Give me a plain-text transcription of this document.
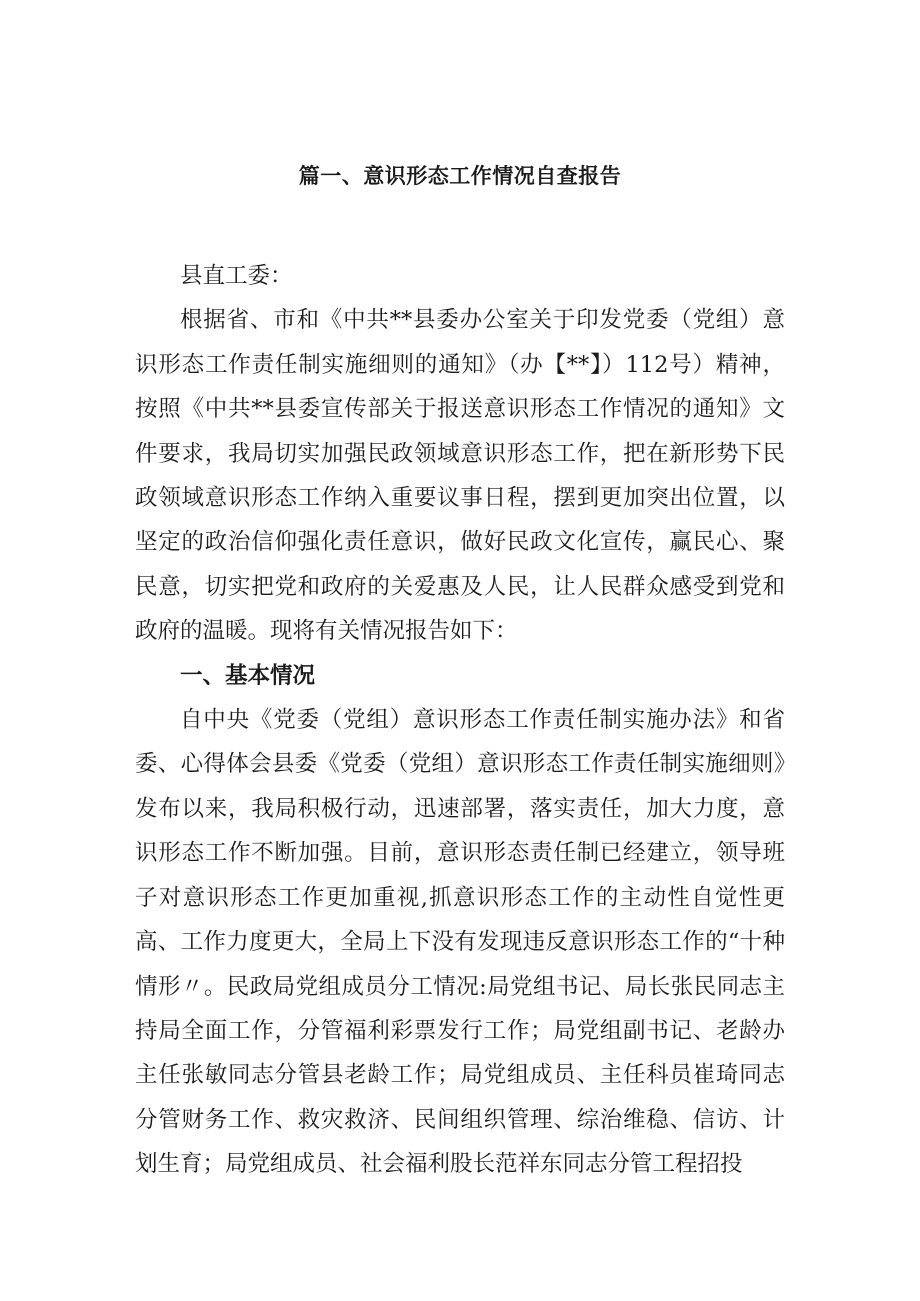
篇一、意识形态工作情况自查报告

县直工委：

根据省、市和《中共**县委办公室关于印发党委（党组）意识形态工作责任制实施细则的通知》（办【**】）112号）精神，按照《中共**县委宣传部关于报送意识形态工作情况的通知》文件要求，我局切实加强民政领域意识形态工作，把在新形势下民政领域意识形态工作纳入重要议事日程，摆到更加突出位置，以坚定的政治信仰强化责任意识，做好民政文化宣传，赢民心、聚民意，切实把党和政府的关爱惠及人民，让人民群众感受到党和政府的温暖。现将有关情况报告如下：

一、基本情况

自中央《党委（党组）意识形态工作责任制实施办法》和省委、心得体会县委《党委（党组）意识形态工作责任制实施细则》发布以来，我局积极行动，迅速部署，落实责任，加大力度，意识形态工作不断加强。目前，意识形态责任制已经建立，领导班子对意识形态工作更加重视,抓意识形态工作的主动性自觉性更高、工作力度更大，全局上下没有发现违反意识形态工作的“十种情形〃。民政局党组成员分工情况:局党组书记、局长张民同志主持局全面工作，分管福利彩票发行工作；局党组副书记、老龄办主任张敏同志分管县老龄工作；局党组成员、主任科员崔琦同志分管财务工作、救灾救济、民间组织管理、综治维稳、信访、计划生育；局党组成员、社会福利股长范祥东同志分管工程招投
